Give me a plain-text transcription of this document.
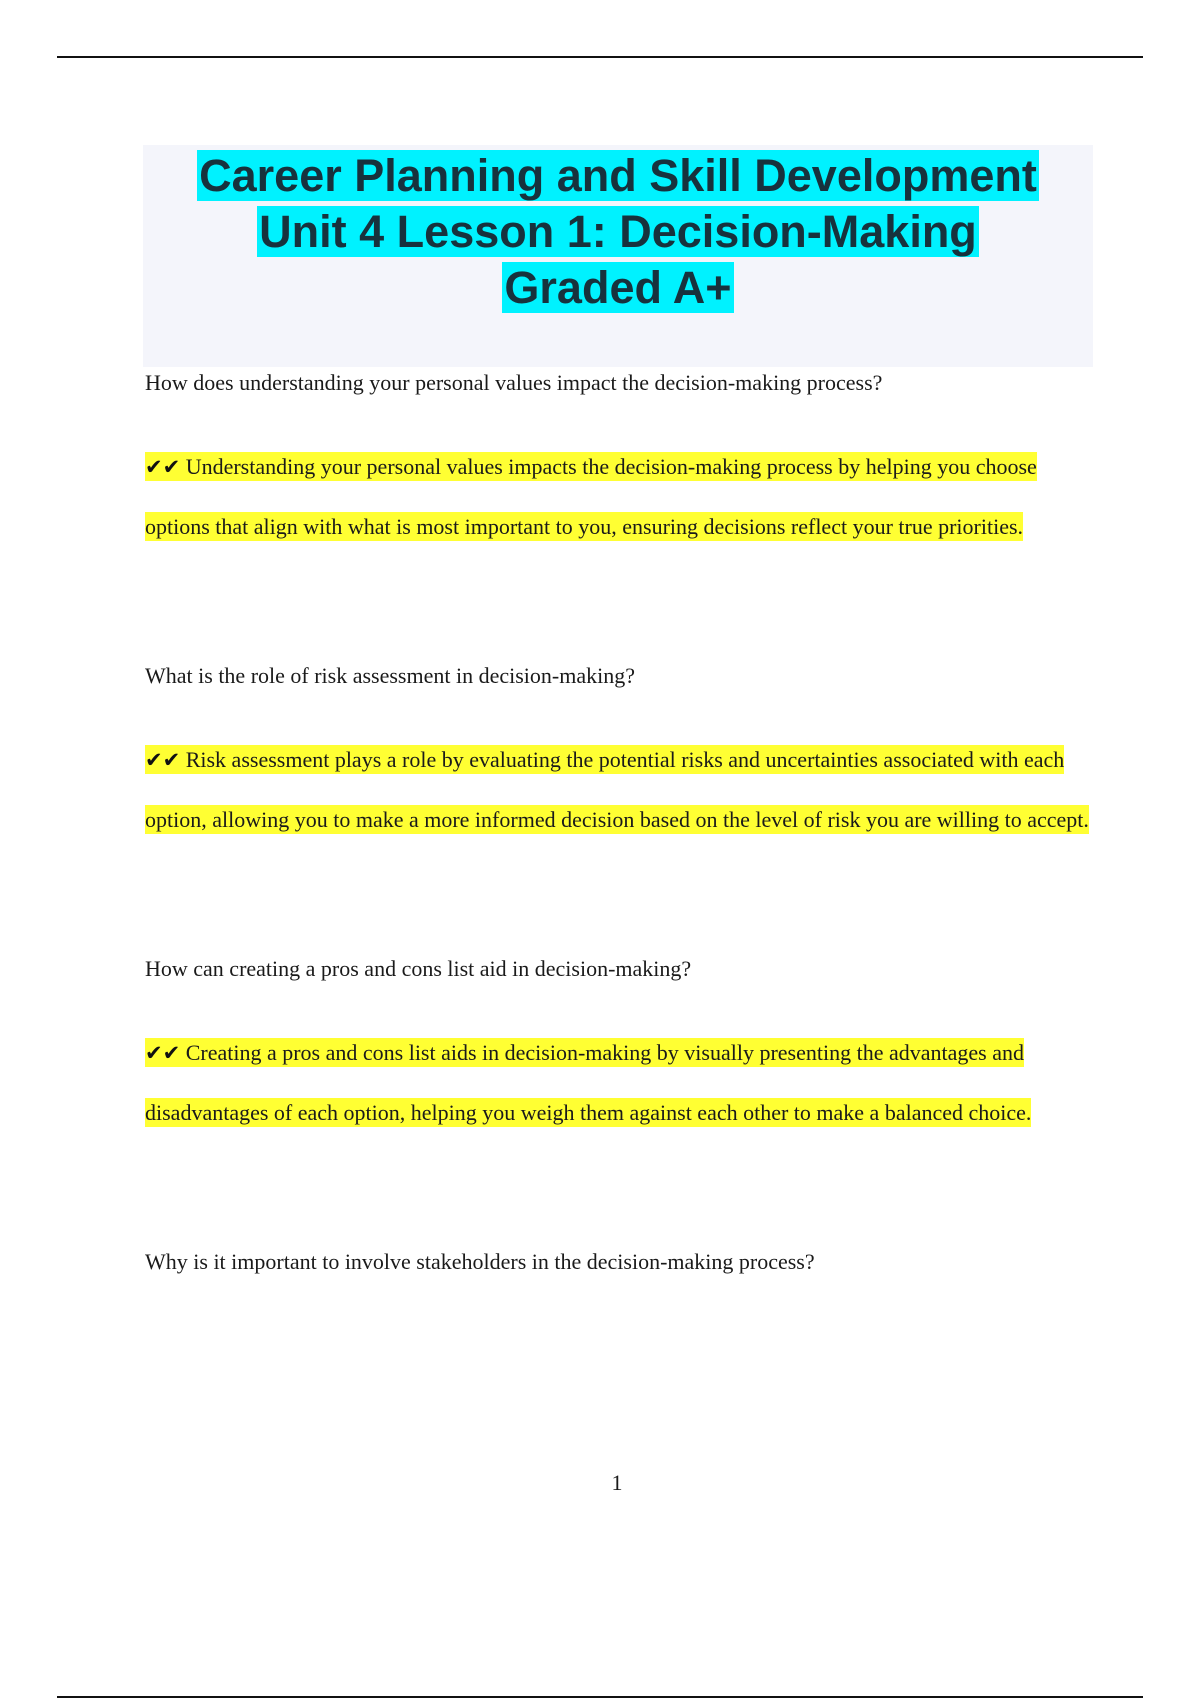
Career Planning and Skill Development
Unit 4 Lesson 1: Decision-Making
Graded A+

How does understanding your personal values impact the decision-making process?

✔✔ Understanding your personal values impacts the decision-making process by helping you choose options that align with what is most important to you, ensuring decisions reflect your true priorities.

What is the role of risk assessment in decision-making?

✔✔ Risk assessment plays a role by evaluating the potential risks and uncertainties associated with each option, allowing you to make a more informed decision based on the level of risk you are willing to accept.

How can creating a pros and cons list aid in decision-making?

✔✔ Creating a pros and cons list aids in decision-making by visually presenting the advantages and disadvantages of each option, helping you weigh them against each other to make a balanced choice.

Why is it important to involve stakeholders in the decision-making process?

1
